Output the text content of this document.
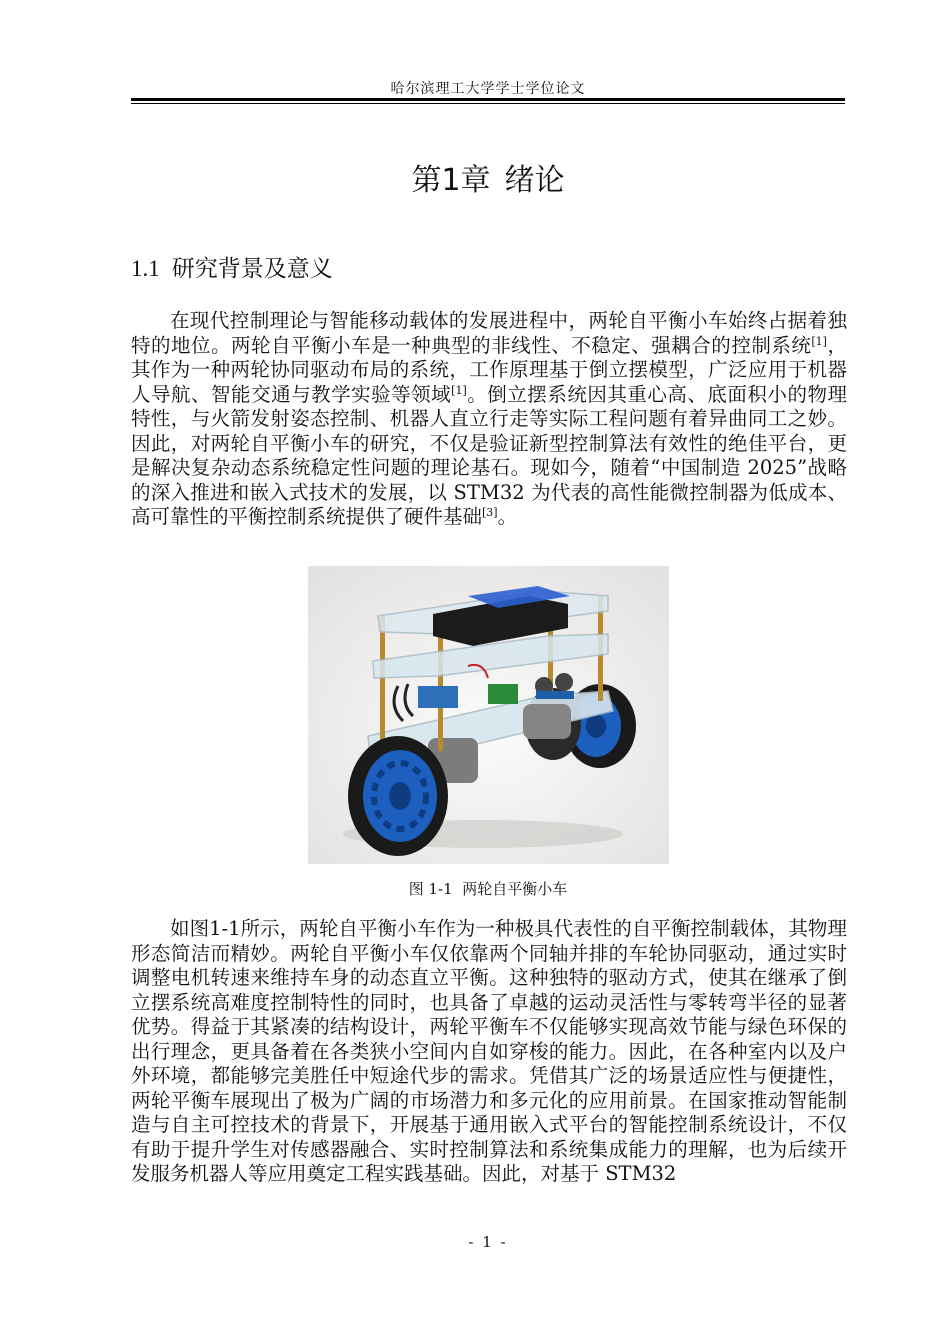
哈尔滨理工大学学士学位论文
第1章 绪论
1.1 研究背景及意义

在现代控制理论与智能移动载体的发展进程中，两轮自平衡小车始终占据着独特的地位。两轮自平衡小车是一种典型的非线性、不稳定、强耦合的控制系统[1]，其作为一种两轮协同驱动布局的系统，工作原理基于倒立摆模型，广泛应用于机器人导航、智能交通与教学实验等领域[1]。倒立摆系统因其重心高、底面积小的物理特性，与火箭发射姿态控制、机器人直立行走等实际工程问题有着异曲同工之妙。因此，对两轮自平衡小车的研究，不仅是验证新型控制算法有效性的绝佳平台，更是解决复杂动态系统稳定性问题的理论基石。现如今，随着“中国制造 2025”战略的深入推进和嵌入式技术的发展，以 STM32 为代表的高性能微控制器为低成本、高可靠性的平衡控制系统提供了硬件基础[3]。

图 1-1 两轮自平衡小车

如图1-1所示，两轮自平衡小车作为一种极具代表性的自平衡控制载体，其物理形态简洁而精妙。两轮自平衡小车仅依靠两个同轴并排的车轮协同驱动，通过实时调整电机转速来维持车身的动态直立平衡。这种独特的驱动方式，使其在继承了倒立摆系统高难度控制特性的同时，也具备了卓越的运动灵活性与零转弯半径的显著优势。得益于其紧凑的结构设计，两轮平衡车不仅能够实现高效节能与绿色环保的出行理念，更具备着在各类狭小空间内自如穿梭的能力。因此，在各种室内以及户外环境，都能够完美胜任中短途代步的需求。凭借其广泛的场景适应性与便捷性，两轮平衡车展现出了极为广阔的市场潜力和多元化的应用前景。在国家推动智能制造与自主可控技术的背景下，开展基于通用嵌入式平台的智能控制系统设计，不仅有助于提升学生对传感器融合、实时控制算法和系统集成能力的理解，也为后续开发服务机器人等应用奠定工程实践基础。因此，对基于 STM32

- 1 -
